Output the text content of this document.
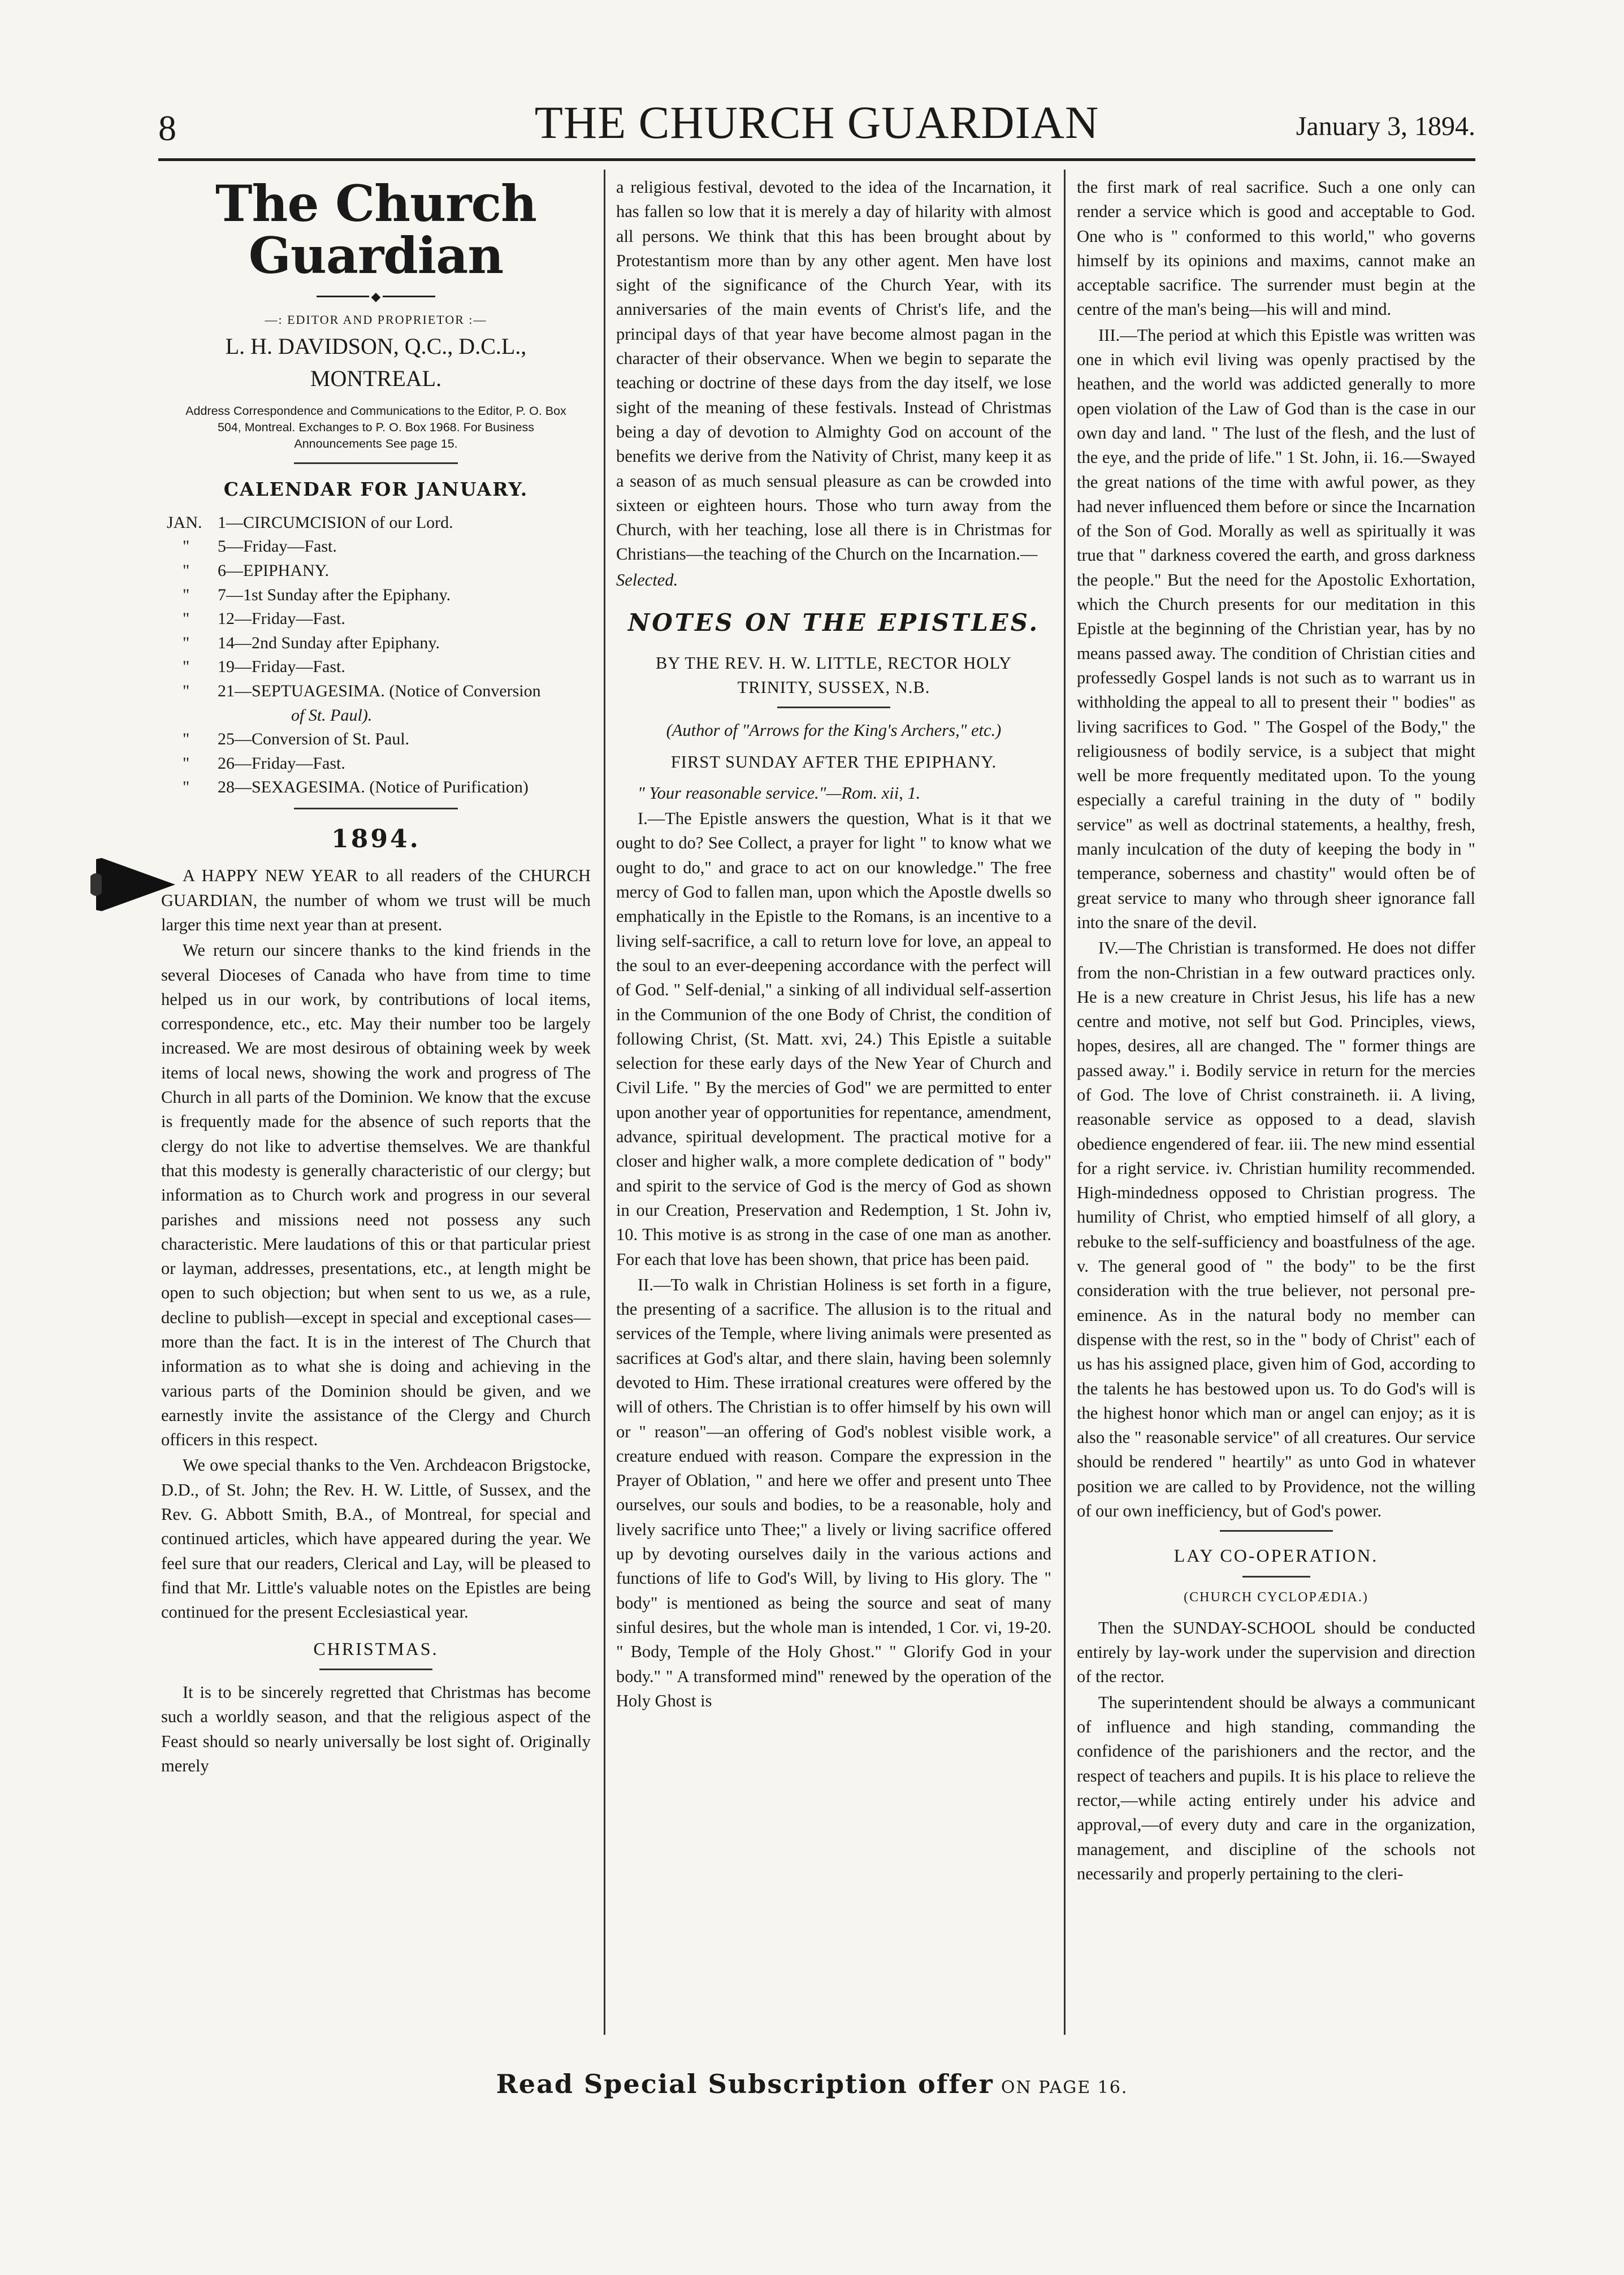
8	THE CHURCH GUARDIAN	January 3, 1894.
The Church Guardian
◆
—: EDITOR AND PROPRIETOR :—
L. H. DAVIDSON, Q.C., D.C.L., MONTREAL.
Address Correspondence and Communications to the Editor, P. O. Box 504, Montreal. Exchanges to P. O. Box 1968. For Business Announcements See page 15.
CALENDAR FOR JANUARY.
JAN. 1—CIRCUMCISION of our Lord.
"	5—Friday—Fast.
"	6—EPIPHANY.
"	7—1st Sunday after the Epiphany.
"	12—Friday—Fast.
"	14—2nd Sunday after Epiphany.
"	19—Friday—Fast.
"	21—SEPTUAGESIMA. (Notice of Conversion
of St. Paul).
"	25—Conversion of St. Paul.
"	26—Friday—Fast.
"	28—SEXAGESIMA. (Notice of Purification)
1894.

A HAPPY NEW YEAR to all readers of the CHURCH GUARDIAN, the number of whom we trust will be much larger this time next year than at present.

We return our sincere thanks to the kind friends in the several Dioceses of Canada who have from time to time helped us in our work, by contributions of local items, correspondence, etc., etc. May their number too be largely increased. We are most desirous of obtaining week by week items of local news, showing the work and progress of The Church in all parts of the Dominion. We know that the excuse is frequently made for the absence of such reports that the clergy do not like to advertise themselves. We are thankful that this modesty is generally characteristic of our clergy; but information as to Church work and progress in our several parishes and missions need not possess any such characteristic. Mere laudations of this or that particular priest or layman, addresses, presentations, etc., at length might be open to such objection; but when sent to us we, as a rule, decline to publish—except in special and exceptional cases—more than the fact. It is in the interest of The Church that information as to what she is doing and achieving in the various parts of the Dominion should be given, and we earnestly invite the assistance of the Clergy and Church officers in this respect.

We owe special thanks to the Ven. Archdeacon Brigstocke, D.D., of St. John; the Rev. H. W. Little, of Sussex, and the Rev. G. Abbott Smith, B.A., of Montreal, for special and continued articles, which have appeared during the year. We feel sure that our readers, Clerical and Lay, will be pleased to find that Mr. Little's valuable notes on the Epistles are being continued for the present Ecclesiastical year.

CHRISTMAS.

It is to be sincerely regretted that Christmas has become such a worldly season, and that the religious aspect of the Feast should so nearly universally be lost sight of. Originally merely

a religious festival, devoted to the idea of the Incarnation, it has fallen so low that it is merely a day of hilarity with almost all persons. We think that this has been brought about by Protestantism more than by any other agent. Men have lost sight of the significance of the Church Year, with its anniversaries of the main events of Christ's life, and the principal days of that year have become almost pagan in the character of their observance. When we begin to separate the teaching or doctrine of these days from the day itself, we lose sight of the meaning of these festivals. Instead of Christmas being a day of devotion to Almighty God on account of the benefits we derive from the Nativity of Christ, many keep it as a season of as much sensual pleasure as can be crowded into sixteen or eighteen hours. Those who turn away from the Church, with her teaching, lose all there is in Christmas for Christians—the teaching of the Church on the Incarnation.—

Selected.

NOTES ON THE EPISTLES.

BY THE REV. H. W. LITTLE, RECTOR HOLY TRINITY, SUSSEX, N.B.

(Author of "Arrows for the King's Archers," etc.)

FIRST SUNDAY AFTER THE EPIPHANY.

" Your reasonable service."—Rom. xii, 1.

I.—The Epistle answers the question, What is it that we ought to do? See Collect, a prayer for light " to know what we ought to do," and grace to act on our knowledge." The free mercy of God to fallen man, upon which the Apostle dwells so emphatically in the Epistle to the Romans, is an incentive to a living self-sacrifice, a call to return love for love, an appeal to the soul to an ever-deepening accordance with the perfect will of God. " Self-denial," a sinking of all individual self-assertion in the Communion of the one Body of Christ, the condition of following Christ, (St. Matt. xvi, 24.) This Epistle a suitable selection for these early days of the New Year of Church and Civil Life. " By the mercies of God" we are permitted to enter upon another year of opportunities for repentance, amendment, advance, spiritual development. The practical motive for a closer and higher walk, a more complete dedication of " body" and spirit to the service of God is the mercy of God as shown in our Creation, Preservation and Redemption, 1 St. John iv, 10. This motive is as strong in the case of one man as another. For each that love has been shown, that price has been paid.

II.—To walk in Christian Holiness is set forth in a figure, the presenting of a sacrifice. The allusion is to the ritual and services of the Temple, where living animals were presented as sacrifices at God's altar, and there slain, having been solemnly devoted to Him. These irrational creatures were offered by the will of others. The Christian is to offer himself by his own will or " reason"—an offering of God's noblest visible work, a creature endued with reason. Compare the expression in the Prayer of Oblation, " and here we offer and present unto Thee ourselves, our souls and bodies, to be a reasonable, holy and lively sacrifice unto Thee;" a lively or living sacrifice offered up by devoting ourselves daily in the various actions and functions of life to God's Will, by living to His glory. The " body" is mentioned as being the source and seat of many sinful desires, but the whole man is intended, 1 Cor. vi, 19-20. " Body, Temple of the Holy Ghost." " Glorify God in your body." " A transformed mind" renewed by the operation of the Holy Ghost is

the first mark of real sacrifice. Such a one only can render a service which is good and acceptable to God. One who is " conformed to this world," who governs himself by its opinions and maxims, cannot make an acceptable sacrifice. The surrender must begin at the centre of the man's being—his will and mind.

III.—The period at which this Epistle was written was one in which evil living was openly practised by the heathen, and the world was addicted generally to more open violation of the Law of God than is the case in our own day and land. " The lust of the flesh, and the lust of the eye, and the pride of life." 1 St. John, ii. 16.—Swayed the great nations of the time with awful power, as they had never influenced them before or since the Incarnation of the Son of God. Morally as well as spiritually it was true that " darkness covered the earth, and gross darkness the people." But the need for the Apostolic Exhortation, which the Church presents for our meditation in this Epistle at the beginning of the Christian year, has by no means passed away. The condition of Christian cities and professedly Gospel lands is not such as to warrant us in withholding the appeal to all to present their " bodies" as living sacrifices to God. " The Gospel of the Body," the religiousness of bodily service, is a subject that might well be more frequently meditated upon. To the young especially a careful training in the duty of " bodily service" as well as doctrinal statements, a healthy, fresh, manly inculcation of the duty of keeping the body in " temperance, soberness and chastity" would often be of great service to many who through sheer ignorance fall into the snare of the devil.

IV.—The Christian is transformed. He does not differ from the non-Christian in a few outward practices only. He is a new creature in Christ Jesus, his life has a new centre and motive, not self but God. Principles, views, hopes, desires, all are changed. The " former things are passed away." i. Bodily service in return for the mercies of God. The love of Christ constraineth. ii. A living, reasonable service as opposed to a dead, slavish obedience engendered of fear. iii. The new mind essential for a right service. iv. Christian humility recommended. High-mindedness opposed to Christian progress. The humility of Christ, who emptied himself of all glory, a rebuke to the self-sufficiency and boastfulness of the age. v. The general good of " the body" to be the first consideration with the true believer, not personal pre-eminence. As in the natural body no member can dispense with the rest, so in the " body of Christ" each of us has his assigned place, given him of God, according to the talents he has bestowed upon us. To do God's will is the highest honor which man or angel can enjoy; as it is also the " reasonable service" of all creatures. Our service should be rendered " heartily" as unto God in whatever position we are called to by Providence, not the willing of our own inefficiency, but of God's power.

LAY CO-OPERATION.

(CHURCH CYCLOPÆDIA.)

Then the SUNDAY-SCHOOL should be conducted entirely by lay-work under the supervision and direction of the rector.

The superintendent should be always a communicant of influence and high standing, commanding the confidence of the parishioners and the rector, and the respect of teachers and pupils. It is his place to relieve the rector,—while acting entirely under his advice and approval,—of every duty and care in the organization, management, and discipline of the schools not necessarily and properly pertaining to the cleri-

Read Special Subscription offer ON PAGE 16.
